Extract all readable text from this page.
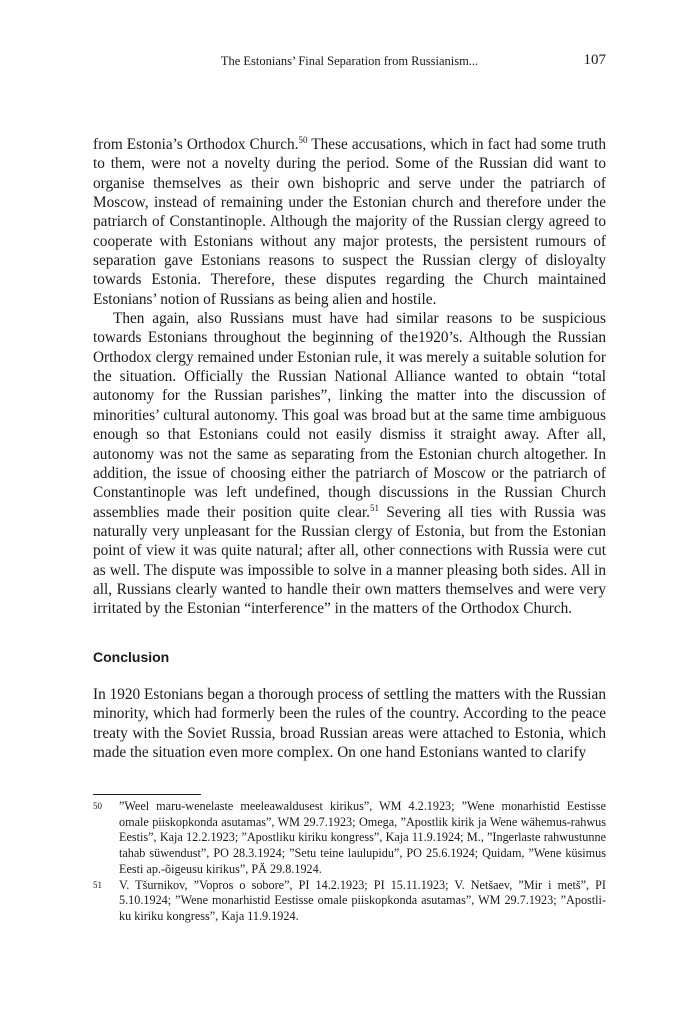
The Estonians’ Final Separation from Russianism...	107

from Estonia’s Orthodox Church.$^{50}$ These accusations, which in fact had some truth to them, were not a novelty during the period. Some of the Russian did want to organise themselves as their own bishopric and serve under the patriarch of Moscow, instead of remaining under the Estonian church and therefore under the patriarch of Constantinople. Although the majority of the Russian clergy agreed to cooperate with Estonians without any major protests, the persistent rumours of separation gave Estonians reasons to suspect the Russian clergy of disloyalty towards Estonia. Therefore, these disputes regarding the Church maintained Estonians’ notion of Russians as being alien and hostile.

Then again, also Russians must have had similar reasons to be suspicious towards Estonians throughout the beginning of the1920’s. Although the Russian Orthodox clergy remained under Estonian rule, it was merely a suitable solution for the situation. Officially the Russian National Alliance wanted to obtain “total autonomy for the Russian parishes”, linking the matter into the discussion of minorities’ cultural autonomy. This goal was broad but at the same time ambiguous enough so that Estonians could not easily dismiss it straight away. After all, autonomy was not the same as separating from the Estonian church altogether. In addition, the issue of choosing either the patriarch of Moscow or the patriarch of Constantinople was left undefined, though discussions in the Russian Church assemblies made their position quite clear.$^{51}$ Severing all ties with Russia was naturally very unpleasant for the Russian clergy of Estonia, but from the Estonian point of view it was quite natural; after all, other connections with Russia were cut as well. The dispute was impossible to solve in a manner pleasing both sides. All in all, Russians clearly wanted to handle their own matters themselves and were very irritated by the Estonian “interference” in the matters of the Orthodox Church.

Conclusion

In 1920 Estonians began a thorough process of settling the matters with the Russian minority, which had formerly been the rules of the country. According to the peace treaty with the Soviet Russia, broad Russian areas were attached to Estonia, which made the situation even more complex. On one hand Estonians wanted to clarify

50	”Weel maru-wenelaste meeleawaldusest kirikus”, WM 4.2.1923; ”Wene monarhistid Eestisse omale piiskopkonda asutamas”, WM 29.7.1923; Omega, ”Apostlik kirik ja Wene wähemus-rahwus Eestis”, Kaja 12.2.1923; ”Apostliku kiriku kongress”, Kaja 11.9.1924; M., ”Ingerlaste rahwustunne tahab süwendust”, PO 28.3.1924; ”Setu teine laulupidu”, PO 25.6.1924; Quidam, ”Wene küsimus Eesti ap.-õigeusu kirikus”, PÄ 29.8.1924.
51	V. Tšurnikov, ”Vopros o sobore”, PI 14.2.1923; PI 15.11.1923; V. Netšaev, ”Mir i metš”, PI 5.10.1924; ”Wene monarhistid Eestisse omale piiskopkonda asutamas”, WM 29.7.1923; ”Apostli-ku kiriku kongress”, Kaja 11.9.1924.
